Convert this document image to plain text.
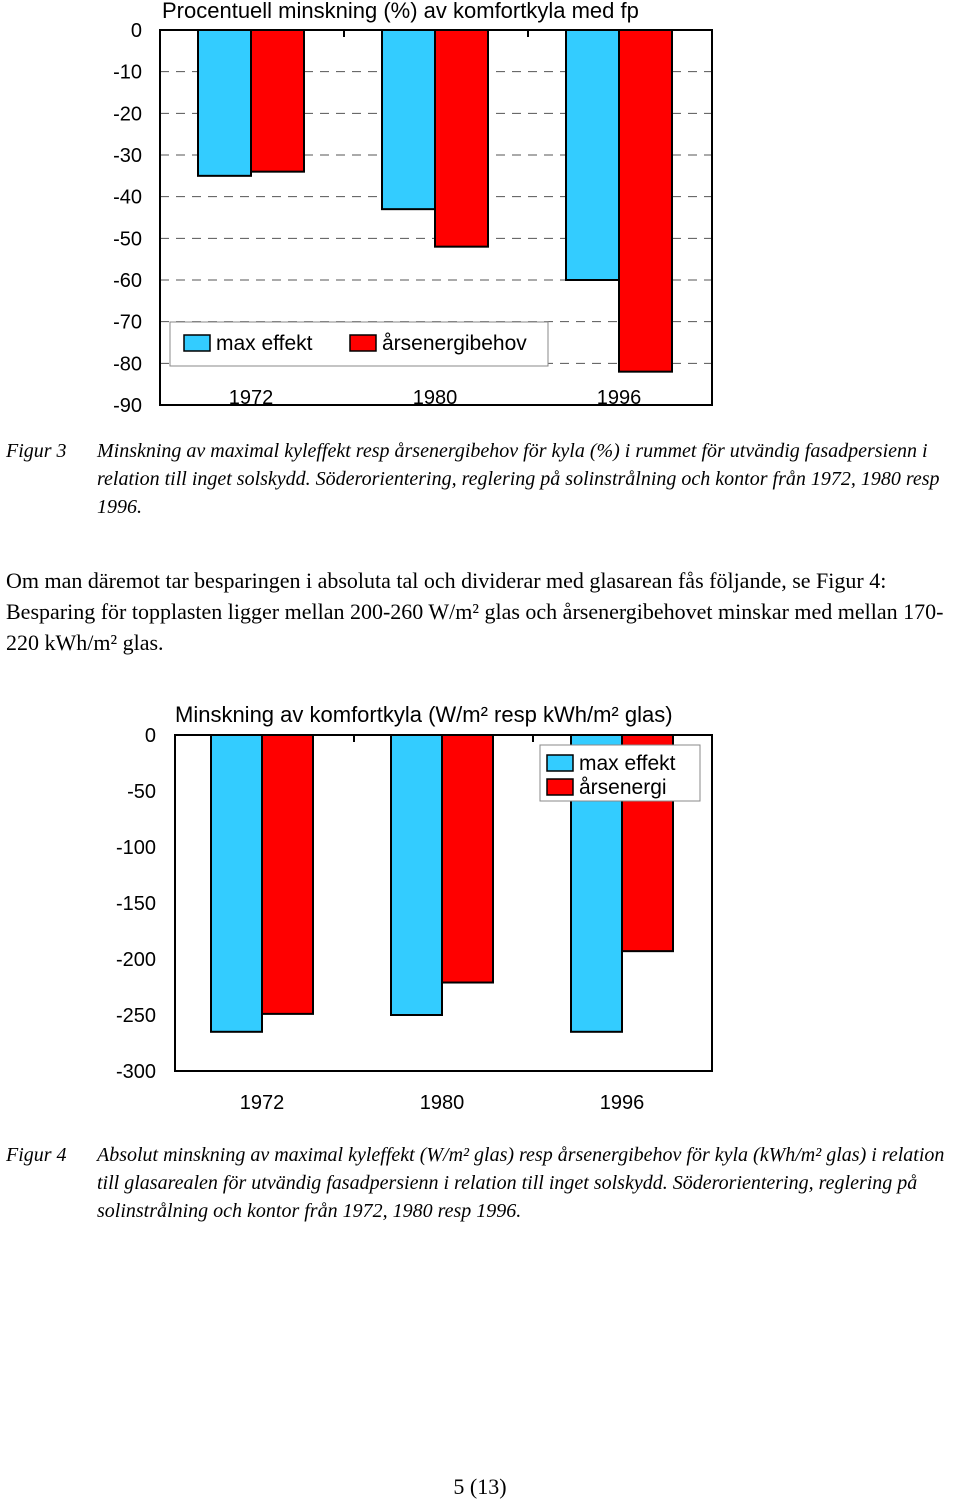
0
-10
-20
-30
-40
-50
-60
-70
-80
-90	1972	1980	1996
Procentuell minskning (%) av komfortkyla med fp
max effekt	årsenergibehov
Figur 3 Minskning av maximal kyleffekt resp årsenergibehov för kyla (%) i rummet för utvändig fasadpersienn i relation till inget solskydd. Söderorientering, reglering på solinstrålning och kontor från 1972, 1980 resp 1996.
Om man däremot tar besparingen i absoluta tal och dividerar med glasarean fås följande, se Figur 4: Besparing för topplasten ligger mellan 200-260 W/m² glas och årsenergibehovet minskar med mellan 170-220 kWh/m² glas.
0
-50
-100
-150
-200
-250
-300
1972	1980	1996
Minskning av komfortkyla (W/m² resp kWh/m² glas)
max effekt
årsenergi
Figur 4 Absolut minskning av maximal kyleffekt (W/m² glas) resp årsenergibehov för kyla (kWh/m² glas) i relation till glasarealen för utvändig fasadpersienn i relation till inget solskydd. Söderorientering, reglering på solinstrålning och kontor från 1972, 1980 resp 1996.
5 (13)
